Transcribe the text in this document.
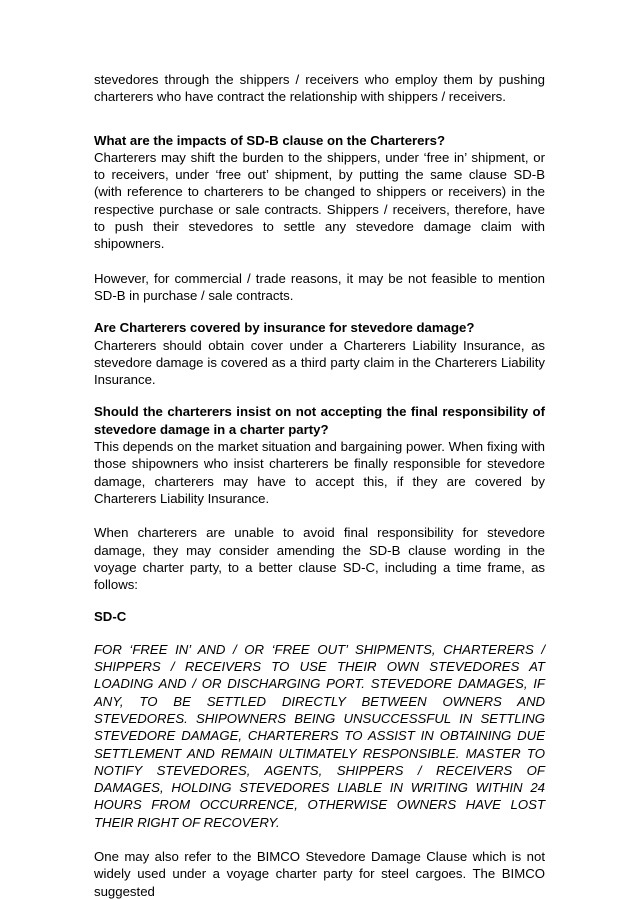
stevedores through the shippers / receivers who employ them by pushing charterers who have contract the relationship with shippers / receivers.

What are the impacts of SD-B clause on the Charterers?

Charterers may shift the burden to the shippers, under ‘free in’ shipment, or to receivers, under ‘free out’ shipment, by putting the same clause SD-B (with reference to charterers to be changed to shippers or receivers) in the respective purchase or sale contracts. Shippers / receivers, therefore, have to push their stevedores to settle any stevedore damage claim with shipowners.

However, for commercial / trade reasons, it may be not feasible to mention SD-B in purchase / sale contracts.

Are Charterers covered by insurance for stevedore damage?

Charterers should obtain cover under a Charterers Liability Insurance, as stevedore damage is covered as a third party claim in the Charterers Liability Insurance.

Should the charterers insist on not accepting the final responsibility of stevedore damage in a charter party?

This depends on the market situation and bargaining power. When fixing with those shipowners who insist charterers be finally responsible for stevedore damage, charterers may have to accept this, if they are covered by Charterers Liability Insurance.

When charterers are unable to avoid final responsibility for stevedore damage, they may consider amending the SD-B clause wording in the voyage charter party, to a better clause SD-C, including a time frame, as follows:

SD-C

FOR ‘FREE IN’ AND / OR ‘FREE OUT’ SHIPMENTS, CHARTERERS / SHIPPERS / RECEIVERS TO USE THEIR OWN STEVEDORES AT LOADING AND / OR DISCHARGING PORT. STEVEDORE DAMAGES, IF ANY, TO BE SETTLED DIRECTLY BETWEEN OWNERS AND STEVEDORES. SHIPOWNERS BEING UNSUCCESSFUL IN SETTLING STEVEDORE DAMAGE, CHARTERERS TO ASSIST IN OBTAINING DUE SETTLEMENT AND REMAIN ULTIMATELY RESPONSIBLE. MASTER TO NOTIFY STEVEDORES, AGENTS, SHIPPERS / RECEIVERS OF DAMAGES, HOLDING STEVEDORES LIABLE IN WRITING WITHIN 24 HOURS FROM OCCURRENCE, OTHERWISE OWNERS HAVE LOST THEIR RIGHT OF RECOVERY.

One may also refer to the BIMCO Stevedore Damage Clause which is not widely used under a voyage charter party for steel cargoes. The BIMCO suggested
